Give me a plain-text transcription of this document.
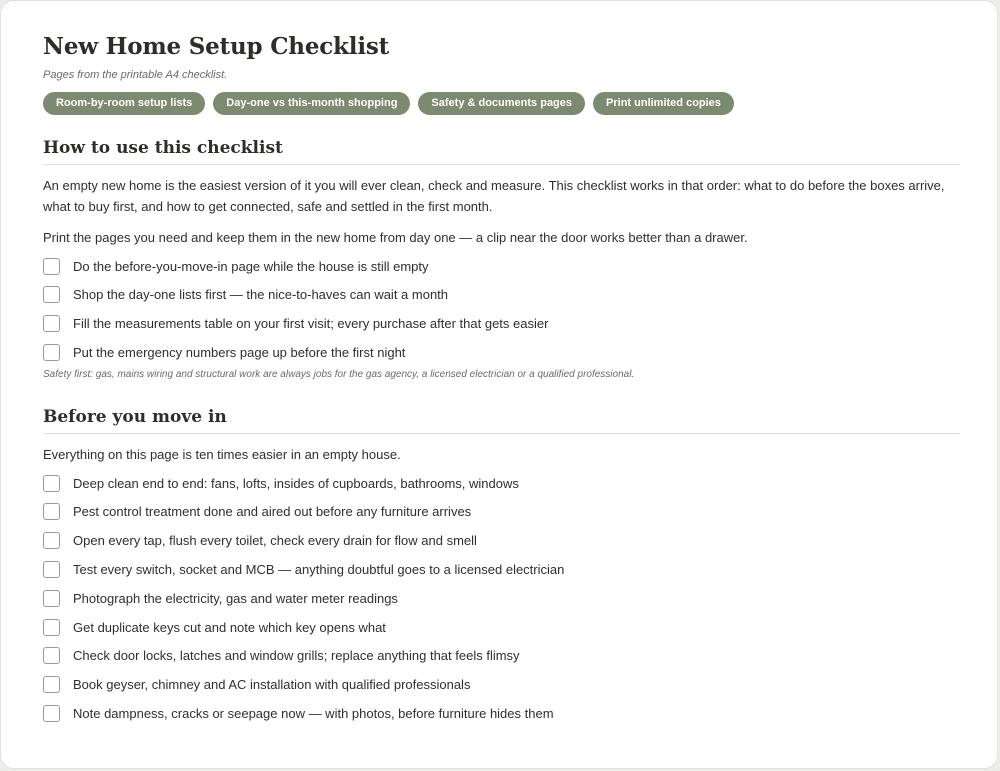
New Home Setup Checklist
Pages from the printable A4 checklist.
Room-by-room setup lists	Day-one vs this-month shopping	Safety & documents pages	Print unlimited copies
How to use this checklist
An empty new home is the easiest version of it you will ever clean, check and measure. This checklist works in that order: what to do before the boxes arrive, what to buy first, and how to get connected, safe and settled in the first month.
Print the pages you need and keep them in the new home from day one — a clip near the door works better than a drawer.
Do the before-you-move-in page while the house is still empty
Shop the day-one lists first — the nice-to-haves can wait a month
Fill the measurements table on your first visit; every purchase after that gets easier
Put the emergency numbers page up before the first night
Safety first: gas, mains wiring and structural work are always jobs for the gas agency, a licensed electrician or a qualified professional.
Before you move in
Everything on this page is ten times easier in an empty house.
Deep clean end to end: fans, lofts, insides of cupboards, bathrooms, windows
Pest control treatment done and aired out before any furniture arrives
Open every tap, flush every toilet, check every drain for flow and smell
Test every switch, socket and MCB — anything doubtful goes to a licensed electrician
Photograph the electricity, gas and water meter readings
Get duplicate keys cut and note which key opens what
Check door locks, latches and window grills; replace anything that feels flimsy
Book geyser, chimney and AC installation with qualified professionals
Note dampness, cracks or seepage now — with photos, before furniture hides them
